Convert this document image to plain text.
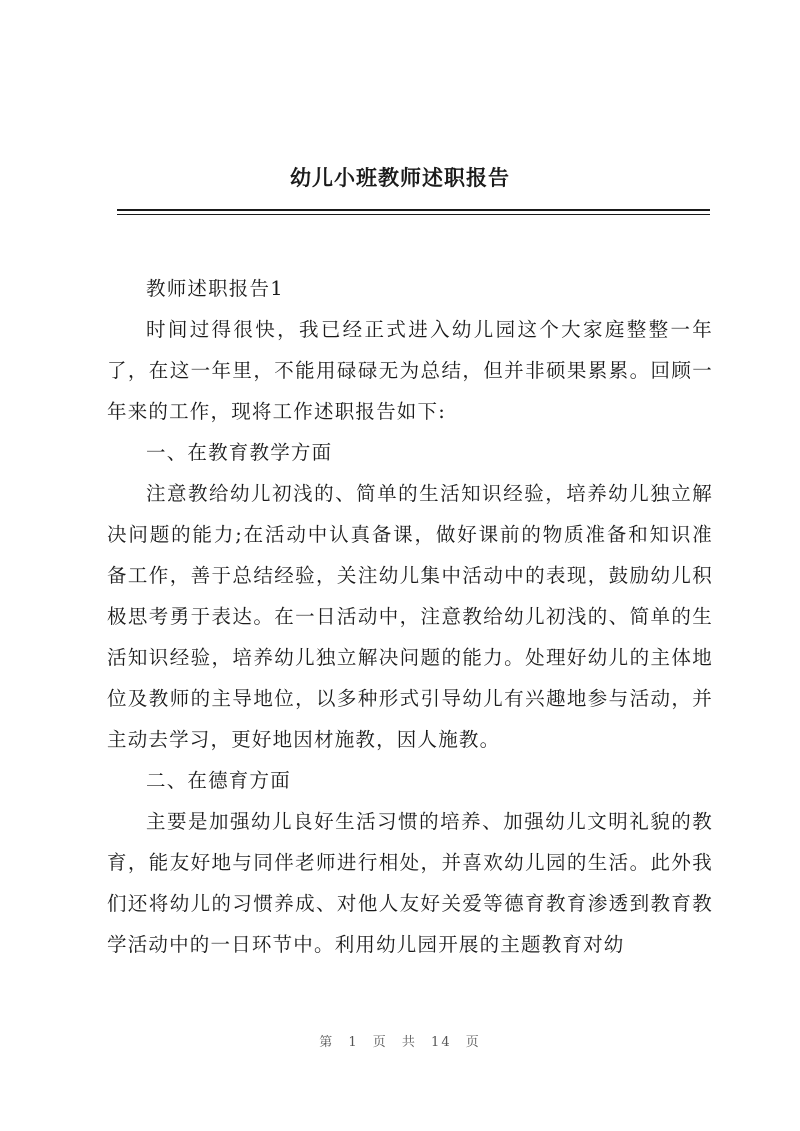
幼儿小班教师述职报告

教师述职报告1

时间过得很快，我已经正式进入幼儿园这个大家庭整整一年了，在这一年里，不能用碌碌无为总结，但并非硕果累累。回顾一年来的工作，现将工作述职报告如下:

一、在教育教学方面

注意教给幼儿初浅的、简单的生活知识经验，培养幼儿独立解决问题的能力;在活动中认真备课，做好课前的物质准备和知识准备工作，善于总结经验，关注幼儿集中活动中的表现，鼓励幼儿积极思考勇于表达。在一日活动中，注意教给幼儿初浅的、简单的生活知识经验，培养幼儿独立解决问题的能力。处理好幼儿的主体地位及教师的主导地位，以多种形式引导幼儿有兴趣地参与活动，并主动去学习，更好地因材施教，因人施教。

二、在德育方面

主要是加强幼儿良好生活习惯的培养、加强幼儿文明礼貌的教育，能友好地与同伴老师进行相处，并喜欢幼儿园的生活。此外我们还将幼儿的习惯养成、对他人友好关爱等德育教育渗透到教育教学活动中的一日环节中。利用幼儿园开展的主题教育对幼

第 1 页 共 14 页
